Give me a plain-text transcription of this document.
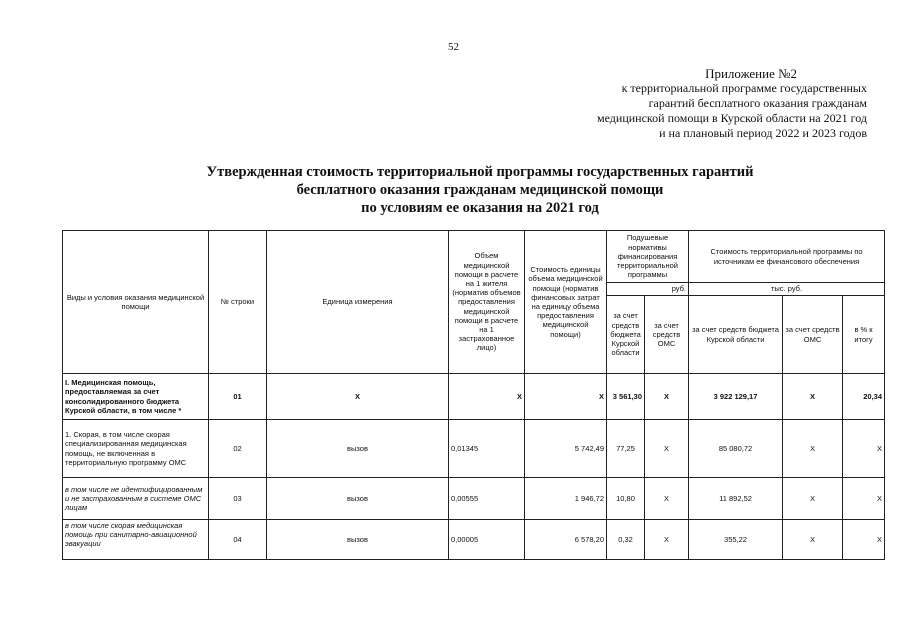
52
Приложение №2
к территориальной программе государственных
гарантий бесплатного оказания гражданам
медицинской помощи в Курской области на 2021 год
и на плановый период 2022 и 2023 годов
Утвержденная стоимость территориальной программы государственных гарантий
бесплатного оказания гражданам медицинской помощи
по условиям ее оказания на 2021 год
Виды и условия оказания медицинской помощи	№ строки	Единица измерения	Объем медицинской помощи в расчете на 1 жителя (норматив объемов предоставления медицинской помощи в расчете на 1 застрахованное лицо)	Стоимость единицы объема медицинской помощи (норматив финансовых затрат на единицу объема предоставления медицинской помощи)	Подушевые нормативы финансирования территориальной программы		Стоимость территориальной программы по источникам ее финансового обеспечения		
					руб.		тыс. руб.		
					за счет средств бюджета Курской области	за счет средств ОМС	за счет средств бюджета Курской области	за счет средств ОМС	в % к итогу
I. Медицинская помощь, предоставляемая за счет консолидированного бюджета Курской области, в том числе *	01	X	X	X	3 561,30	X	3 922 129,17	X	20,34
1. Скорая, в том числе скорая специализированная медицинская помощь, не включенная в территориальную программу ОМС	02	вызов	0,01345	5 742,49	77,25	X	85 080,72	X	X
в том числе не идентифицированным и не застрахованным в системе ОМС лицам	03	вызов	0,00555	1 946,72	10,80	X	11 892,52	X	X
в том числе скорая медицинская помощь при санитарно-авиационной эвакуации	04	вызов	0,00005	6 578,20	0,32	X	355,22	X	X
